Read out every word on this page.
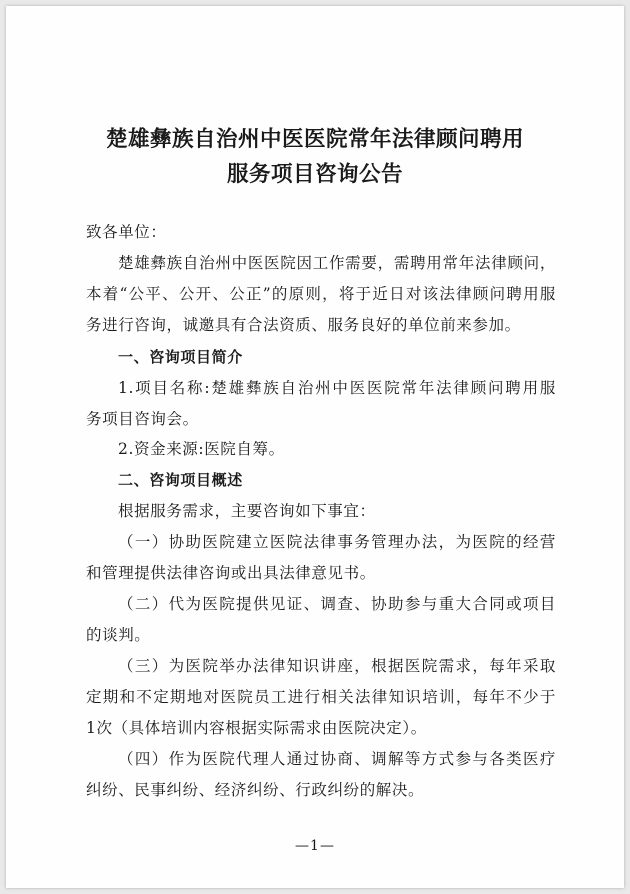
楚雄彝族自治州中医医院常年法律顾问聘用
服务项目咨询公告
致各单位：
楚雄彝族自治州中医医院因工作需要，需聘用常年法律顾问，
本着“公平、公开、公正”的原则，将于近日对该法律顾问聘用服
务进行咨询，诚邀具有合法资质、服务良好的单位前来参加。
一、咨询项目简介
1.项目名称:楚雄彝族自治州中医医院常年法律顾问聘用服
务项目咨询会。
2.资金来源:医院自筹。
二、咨询项目概述
根据服务需求，主要咨询如下事宜：
（一）协助医院建立医院法律事务管理办法，为医院的经营
和管理提供法律咨询或出具法律意见书。
（二）代为医院提供见证、调查、协助参与重大合同或项目
的谈判。
（三）为医院举办法律知识讲座，根据医院需求，每年采取
定期和不定期地对医院员工进行相关法律知识培训，每年不少于
1次（具体培训内容根据实际需求由医院决定）。
（四）作为医院代理人通过协商、调解等方式参与各类医疗
纠纷、民事纠纷、经济纠纷、行政纠纷的解决。
—1—
